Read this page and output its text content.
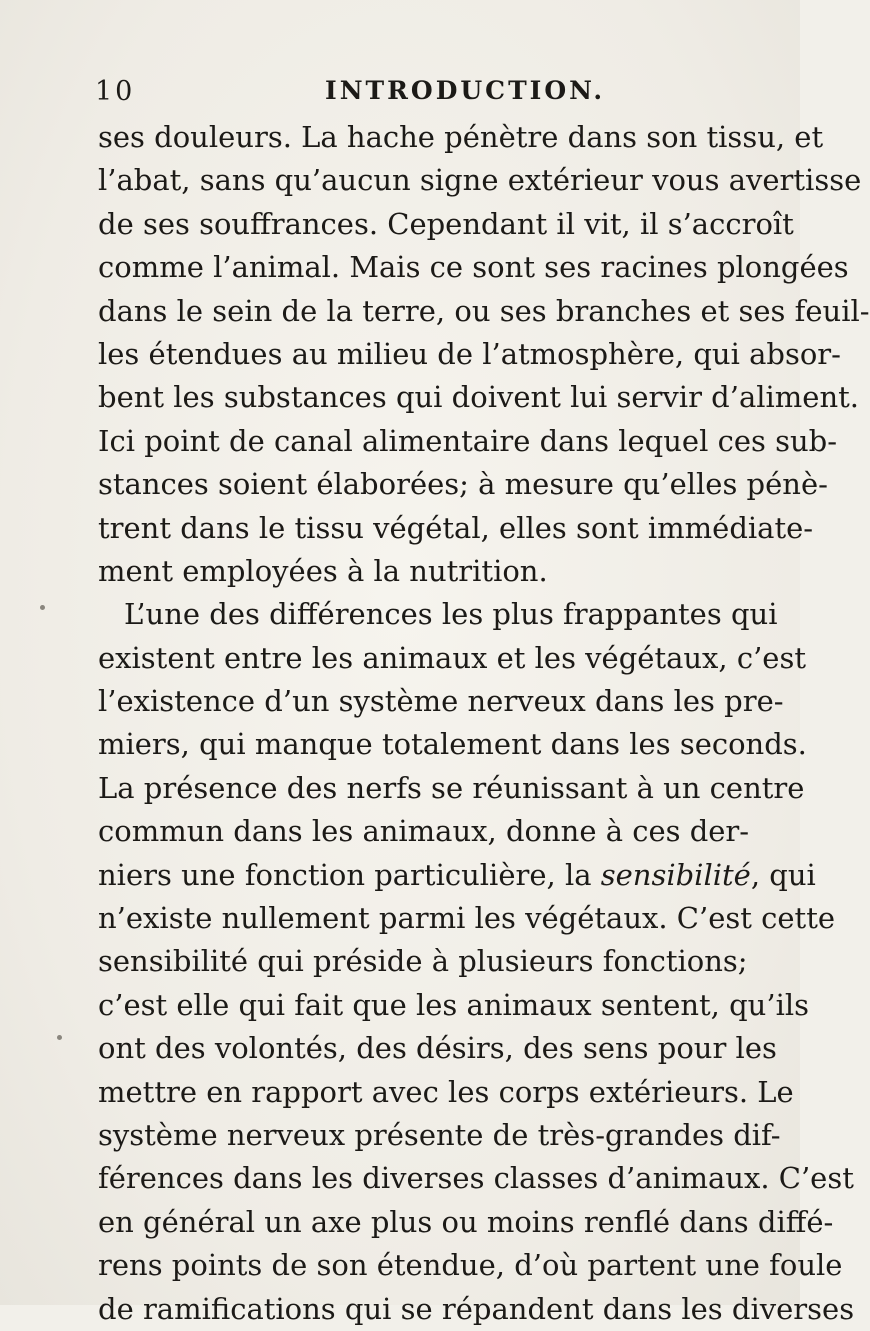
10	INTRODUCTION.
ses douleurs. La hache pénètre dans son tissu, et
l’abat, sans qu’aucun signe extérieur vous avertisse
de ses souffrances. Cependant il vit, il s’accroît
comme l’animal. Mais ce sont ses racines plongées
dans le sein de la terre, ou ses branches et ses feuil-
les étendues au milieu de l’atmosphère, qui absor-
bent les substances qui doivent lui servir d’aliment.
Ici point de canal alimentaire dans lequel ces sub-
stances soient élaborées; à mesure qu’elles pénè-
trent dans le tissu végétal, elles sont immédiate-
ment employées à la nutrition.
L’une des différences les plus frappantes qui
existent entre les animaux et les végétaux, c’est
l’existence d’un système nerveux dans les pre-
miers, qui manque totalement dans les seconds.
La présence des nerfs se réunissant à un centre
commun dans les animaux, donne à ces der-
niers une fonction particulière, la sensibilité, qui
n’existe nullement parmi les végétaux. C’est cette
sensibilité qui préside à plusieurs fonctions;
c’est elle qui fait que les animaux sentent, qu’ils
ont des volontés, des désirs, des sens pour les
mettre en rapport avec les corps extérieurs. Le
système nerveux présente de très-grandes dif-
férences dans les diverses classes d’animaux. C’est
en général un axe plus ou moins renflé dans diffé-
rens points de son étendue, d’où partent une foule
de ramifications qui se répandent dans les diverses
